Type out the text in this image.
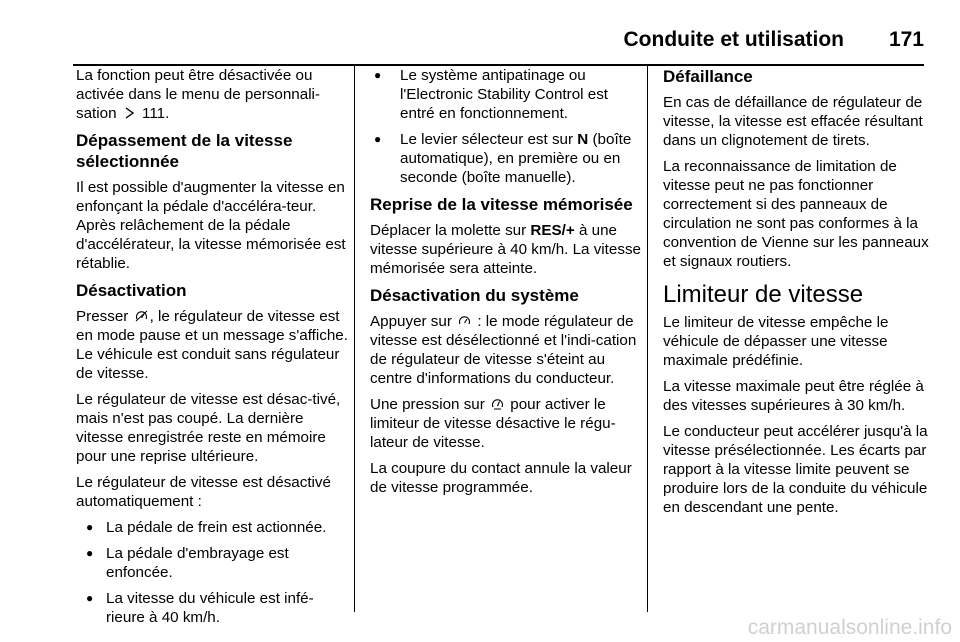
Conduite et utilisation 171

La fonction peut être désactivée ou activée dans le menu de personnali-sation 111.

Dépassement de la vitesse sélectionnée

Il est possible d'augmenter la vitesse en enfonçant la pédale d'accéléra-teur. Après relâchement de la pédale d'accélérateur, la vitesse mémorisée est rétablie.

Désactivation

Presser , le régulateur de vitesse est en mode pause et un message s'affiche. Le véhicule est conduit sans régulateur de vitesse.

Le régulateur de vitesse est désac-tivé, mais n'est pas coupé. La dernière vitesse enregistrée reste en mémoire pour une reprise ultérieure.

Le régulateur de vitesse est désactivé automatiquement :

● La pédale de frein est actionnée.
● La pédale d'embrayage est enfoncée.
● La vitesse du véhicule est infé-rieure à 40 km/h.
● Le système antipatinage ou l'Electronic Stability Control est entré en fonctionnement.
● Le levier sélecteur est sur N (boîte automatique), en première ou en seconde (boîte manuelle).
Reprise de la vitesse mémorisée

Déplacer la molette sur RES/+ à une vitesse supérieure à 40 km/h. La vitesse mémorisée sera atteinte.

Désactivation du système

Appuyer sur : le mode régulateur de vitesse est désélectionné et l'indi-cation de régulateur de vitesse s'éteint au centre d'informations du conducteur.

Une pression sur pour activer le limiteur de vitesse désactive le régu-lateur de vitesse.

La coupure du contact annule la valeur de vitesse programmée.

Défaillance

En cas de défaillance de régulateur de vitesse, la vitesse est effacée résultant dans un clignotement de tirets.

La reconnaissance de limitation de vitesse peut ne pas fonctionner correctement si des panneaux de circulation ne sont pas conformes à la convention de Vienne sur les panneaux et signaux routiers.

Limiteur de vitesse

Le limiteur de vitesse empêche le véhicule de dépasser une vitesse maximale prédéfinie.

La vitesse maximale peut être réglée à des vitesses supérieures à 30 km/h.

Le conducteur peut accélérer jusqu'à la vitesse présélectionnée. Les écarts par rapport à la vitesse limite peuvent se produire lors de la conduite du véhicule en descendant une pente.

carmanualsonline.info
